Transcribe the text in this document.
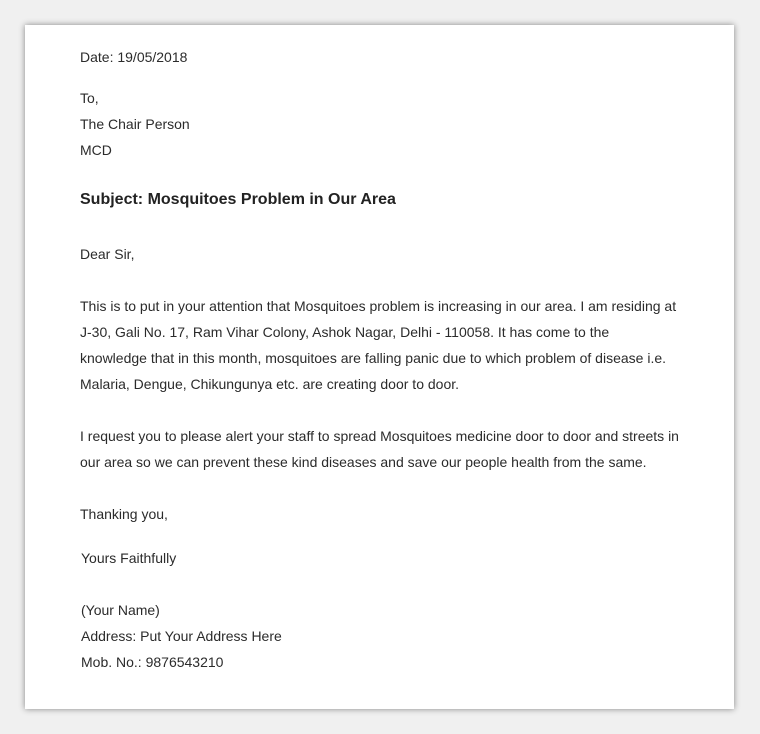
Date: 19/05/2018
To,
The Chair Person
MCD
Subject: Mosquitoes Problem in Our Area
Dear Sir,
This is to put in your attention that Mosquitoes problem is increasing in our area. I am residing at
J-30, Gali No. 17, Ram Vihar Colony, Ashok Nagar, Delhi - 110058. It has come to the
knowledge that in this month, mosquitoes are falling panic due to which problem of disease i.e.
Malaria, Dengue, Chikungunya etc. are creating door to door.
I request you to please alert your staff to spread Mosquitoes medicine door to door and streets in
our area so we can prevent these kind diseases and save our people health from the same.
Thanking you,
Yours Faithfully
(Your Name)
Address: Put Your Address Here
Mob. No.: 9876543210
